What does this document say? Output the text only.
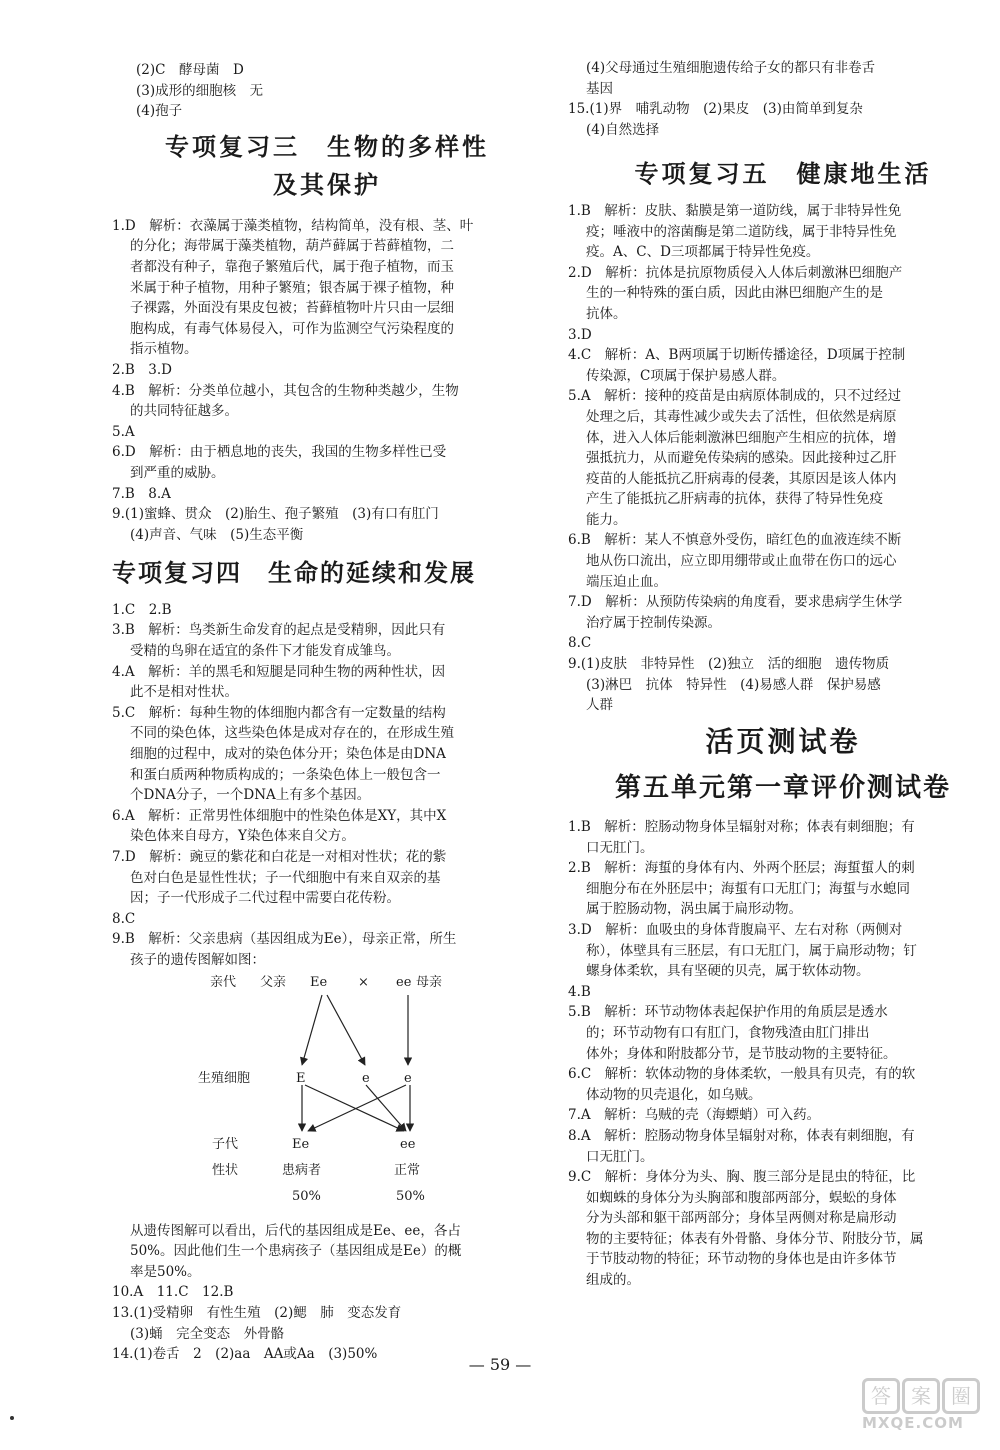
(2)C　酵母菌　D
(3)成形的细胞核　无
(4)孢子
专项复习三　生物的多样性
及其保护
1.D　解析：衣藻属于藻类植物，结构简单，没有根、茎、叶
的分化；海带属于藻类植物，葫芦藓属于苔藓植物，二
者都没有种子，靠孢子繁殖后代，属于孢子植物，而玉
米属于种子植物，用种子繁殖；银杏属于裸子植物，种
子裸露，外面没有果皮包被；苔藓植物叶片只由一层细
胞构成，有毒气体易侵入，可作为监测空气污染程度的
指示植物。
2.B　3.D
4.B　解析：分类单位越小，其包含的生物种类越少，生物
的共同特征越多。
5.A
6.D　解析：由于栖息地的丧失，我国的生物多样性已受
到严重的威胁。
7.B　8.A
9.(1)蜜蜂、贯众　(2)胎生、孢子繁殖　(3)有口有肛门
(4)声音、气味　(5)生态平衡
专项复习四　生命的延续和发展
1.C　2.B
3.B　解析：鸟类新生命发育的起点是受精卵，因此只有
受精的鸟卵在适宜的条件下才能发育成雏鸟。
4.A　解析：羊的黑毛和短腿是同种生物的两种性状，因
此不是相对性状。
5.C　解析：每种生物的体细胞内都含有一定数量的结构
不同的染色体，这些染色体是成对存在的，在形成生殖
细胞的过程中，成对的染色体分开；染色体是由DNA
和蛋白质两种物质构成的；一条染色体上一般包含一
个DNA分子，一个DNA上有多个基因。
6.A　解析：正常男性体细胞中的性染色体是XY，其中X
染色体来自母方，Y染色体来自父方。
7.D　解析：豌豆的紫花和白花是一对相对性状；花的紫
色对白色是显性性状；子一代细胞中有来自双亲的基
因；子一代形成子二代过程中需要白花传粉。
8.C
9.B　解析：父亲患病（基因组成为Ee），母亲正常，所生
孩子的遗传图解如图：
亲代 父亲 Ee × ee 母亲
生殖细胞	E	e	e
子代	Ee	ee
性状	患病者	正常
50%	50%
从遗传图解可以看出，后代的基因组成是Ee、ee，各占
50%。因此他们生一个患病孩子（基因组成是Ee）的概
率是50%。
10.A　11.C　12.B
13.(1)受精卵　有性生殖　(2)鳃　肺　变态发育
(3)蛹　完全变态　外骨骼
14.(1)卷舌　2　(2)aa　AA或Aa　(3)50%
(4)父母通过生殖细胞遗传给子女的都只有非卷舌
基因
15.(1)界　哺乳动物　(2)果皮　(3)由简单到复杂
(4)自然选择
专项复习五　健康地生活
1.B　解析：皮肤、黏膜是第一道防线，属于非特异性免
疫；唾液中的溶菌酶是第二道防线，属于非特异性免
疫。A、C、D三项都属于特异性免疫。
2.D　解析：抗体是抗原物质侵入人体后刺激淋巴细胞产
生的一种特殊的蛋白质，因此由淋巴细胞产生的是
抗体。
3.D
4.C　解析：A、B两项属于切断传播途径，D项属于控制
传染源，C项属于保护易感人群。
5.A　解析：接种的疫苗是由病原体制成的，只不过经过
处理之后，其毒性减少或失去了活性，但依然是病原
体，进入人体后能刺激淋巴细胞产生相应的抗体，增
强抵抗力，从而避免传染病的感染。因此接种过乙肝
疫苗的人能抵抗乙肝病毒的侵袭，其原因是该人体内
产生了能抵抗乙肝病毒的抗体，获得了特异性免疫
能力。
6.B　解析：某人不慎意外受伤，暗红色的血液连续不断
地从伤口流出，应立即用绷带或止血带在伤口的远心
端压迫止血。
7.D　解析：从预防传染病的角度看，要求患病学生休学
治疗属于控制传染源。
8.C
9.(1)皮肤　非特异性　(2)独立　活的细胞　遗传物质
(3)淋巴　抗体　特异性　(4)易感人群　保护易感
人群
活页测试卷
第五单元第一章评价测试卷
1.B　解析：腔肠动物身体呈辐射对称；体表有刺细胞；有
口无肛门。
2.B　解析：海蜇的身体有内、外两个胚层；海蜇蜇人的刺
细胞分布在外胚层中；海蜇有口无肛门；海蜇与水螅同
属于腔肠动物，涡虫属于扁形动物。
3.D　解析：血吸虫的身体背腹扁平、左右对称（两侧对
称），体壁具有三胚层，有口无肛门，属于扁形动物；钉
螺身体柔软，具有坚硬的贝壳，属于软体动物。
4.B
5.B　解析：环节动物体表起保护作用的角质层是透水
的；环节动物有口有肛门，食物残渣由肛门排出
体外；身体和附肢都分节，是节肢动物的主要特征。
6.C　解析：软体动物的身体柔软，一般具有贝壳，有的软
体动物的贝壳退化，如乌贼。
7.A　解析：乌贼的壳（海螵蛸）可入药。
8.A　解析：腔肠动物身体呈辐射对称，体表有刺细胞，有
口无肛门。
9.C　解析：身体分为头、胸、腹三部分是昆虫的特征，比
如蜘蛛的身体分为头胸部和腹部两部分，蜈蚣的身体
分为头部和躯干部两部分；身体呈两侧对称是扁形动
物的主要特征；体表有外骨骼、身体分节、附肢分节，属
于节肢动物的特征；环节动物的身体也是由许多体节
组成的。
— 59 —
答 案 圈
MXQE.COM
